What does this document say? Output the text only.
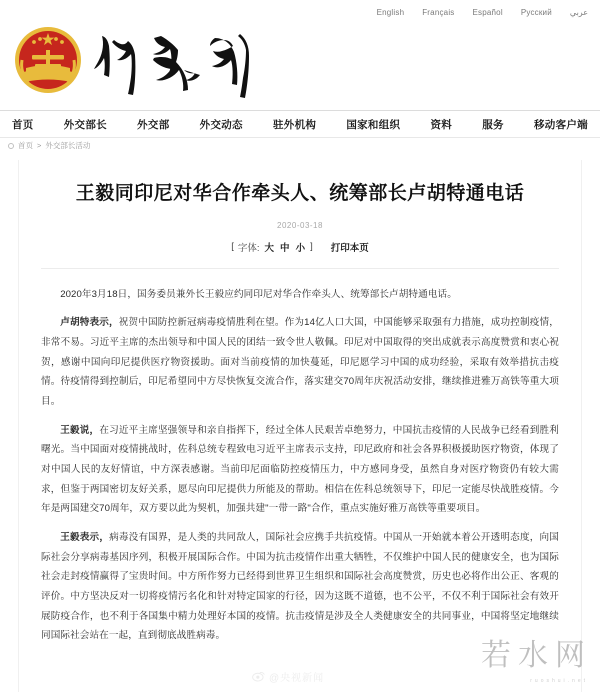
English Français Español Русский عربي
首页	外交部长	外交部	外交动态	驻外机构	国家和组织	资料	服务	移动客户端
首页 > 外交部长活动
王毅同印尼对华合作牵头人、统筹部长卢胡特通电话
2020-03-18
[ 字体: 大 中 小 ] 打印本页

2020年3月18日，国务委员兼外长王毅应约同印尼对华合作牵头人、统筹部长卢胡特通电话。

卢胡特表示，祝贺中国防控新冠病毒疫情胜利在望。作为14亿人口大国，中国能够采取强有力措施，成功控制疫情，非常不易。习近平主席的杰出领导和中国人民的团结一致令世人敬佩。印尼对中国取得的突出成就表示高度赞赏和衷心祝贺，感谢中国向印尼提供医疗物资援助。面对当前疫情的加快蔓延，印尼愿学习中国的成功经验，采取有效举措抗击疫情。待疫情得到控制后，印尼希望同中方尽快恢复交流合作，落实建交70周年庆祝活动安排，继续推进雅万高铁等重大项目。

王毅说，在习近平主席坚强领导和亲自指挥下，经过全体人民艰苦卓绝努力，中国抗击疫情的人民战争已经看到胜利曙光。当中国面对疫情挑战时，佐科总统专程致电习近平主席表示支持，印尼政府和社会各界积极援助医疗物资，体现了对中国人民的友好情谊，中方深表感谢。当前印尼面临防控疫情压力，中方感同身受，虽然自身对医疗物资仍有较大需求，但鉴于两国密切友好关系，愿尽向印尼提供力所能及的帮助。相信在佐科总统领导下，印尼一定能尽快战胜疫情。今年是两国建交70周年，双方要以此为契机，加强共建"一带一路"合作，重点实施好雅万高铁等重要项目。

王毅表示，病毒没有国界，是人类的共同敌人，国际社会应携手共抗疫情。中国从一开始就本着公开透明态度，向国际社会分享病毒基因序列，积极开展国际合作。中国为抗击疫情作出重大牺牲，不仅维护中国人民的健康安全，也为国际社会走封疫情赢得了宝贵时间。中方所作努力已经得到世界卫生组织和国际社会高度赞赏，历史也必将作出公正、客观的评价。中方坚决反对一切将疫情污名化和针对特定国家的行径，因为这既不道德，也不公平，不仅不利于国际社会有效开展防疫合作，也不利于各国集中精力处理好本国的疫情。抗击疫情是涉及全人类健康安全的共同事业，中国将坚定地继续同国际社会站在一起，直到彻底战胜病毒。

@央视新闻
若水网
ruoshui.net
